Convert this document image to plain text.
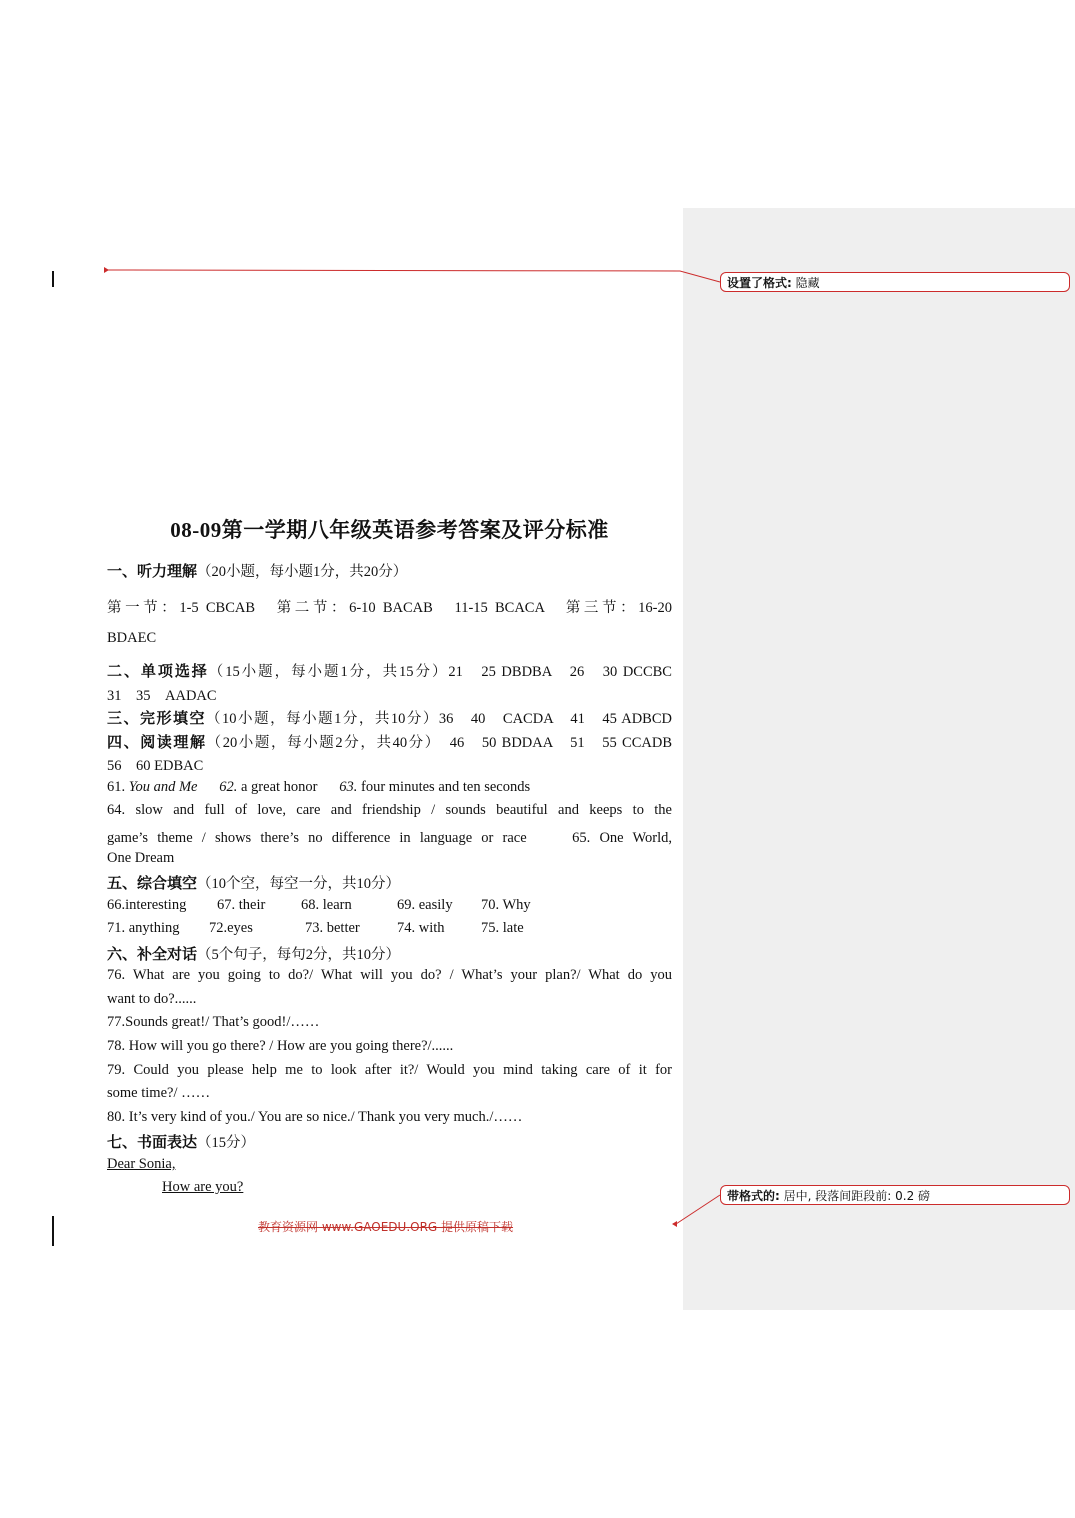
设置了格式: 隐藏
带格式的: 居中, 段落间距段前: 0.2 磅
08-09第一学期八年级英语参考答案及评分标准
一、听力理解（20小题，每小题1分，共20分）
第一节：1-5 CBCAB　第二节：6-10 BACAB　11-15 BCACA　第三节：16-20
BDAEC
二、单项选择（15小题，每小题1分，共15分）21　25 DBDBA　26　30 DCCBC
31　35　AADAC
三、完形填空（10小题，每小题1分，共10分）36　40　CACDA　41　45 ADBCD
四、阅读理解（20小题，每小题2分，共40分）　46　50 BDDAA　51　55 CCADB
56　60 EDBAC
61. You and Me 62. a great honor 63. four minutes and ten seconds
64. slow and full of love, care and friendship / sounds beautiful and keeps to the
game’s theme / shows there’s no difference in language or race　　65. One World,
One Dream
五、综合填空（10个空，每空一分，共10分）
66.interesting 67. their 68. learn	69. easily 70. Why
71. anything 72.eyes	73. better	74. with	75. late
六、补全对话（5个句子，每句2分，共10分）
76. What are you going to do?/ What will you do? / What’s your plan?/ What do you
want to do?......
77.Sounds great!/ That’s good!/……
78. How will you go there? / How are you going there?/......
79. Could you please help me to look after it?/ Would you mind taking care of it for
some time?/ ……
80. It’s very kind of you./ You are so nice./ Thank you very much./……
七、书面表达（15分）
Dear Sonia,
How are you?
教育资源网 www.GAOEDU.ORG 提供原稿下载
